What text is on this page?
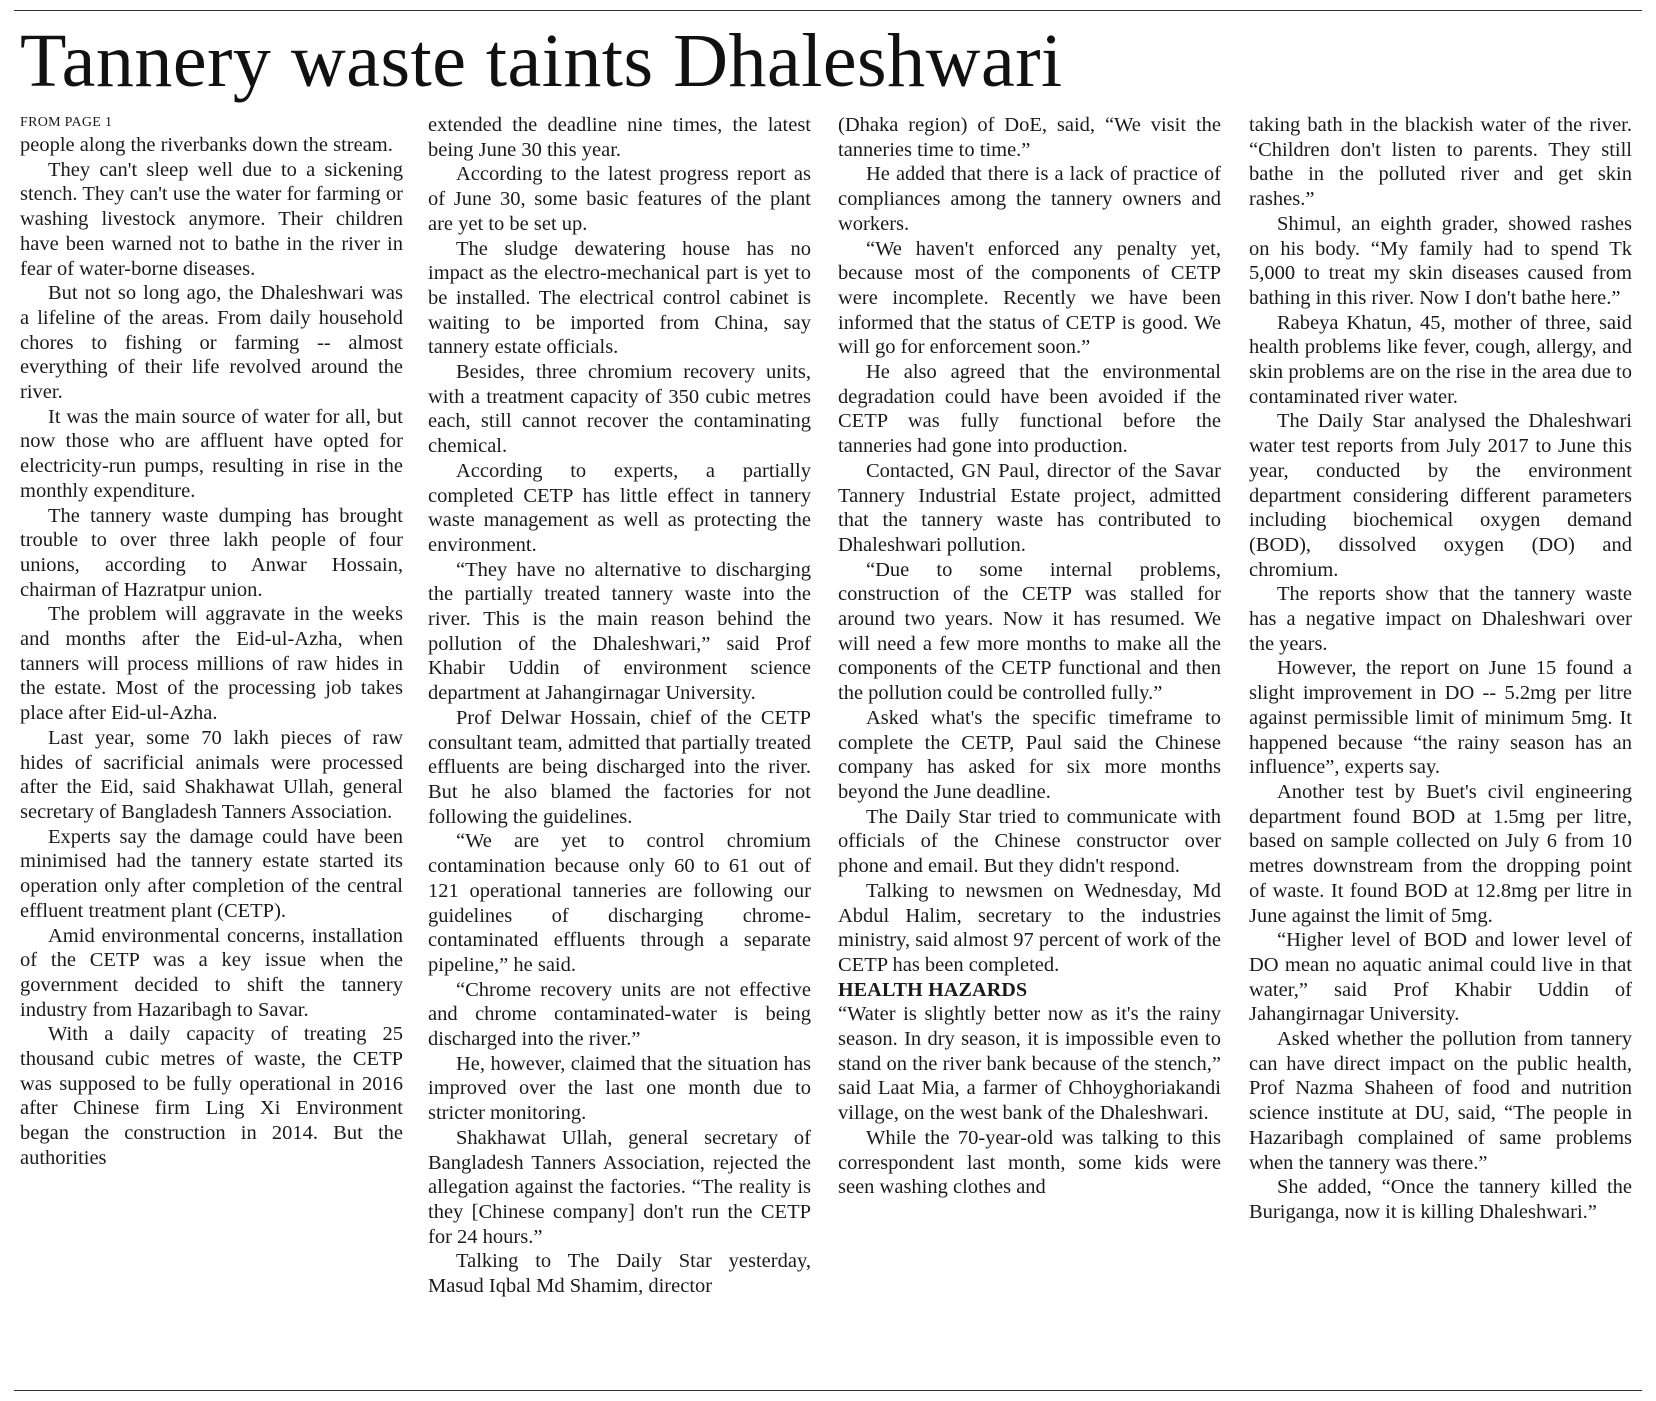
Tannery waste taints Dhaleshwari

FROM PAGE 1

people along the riverbanks down the stream.

They can't sleep well due to a sickening stench. They can't use the water for farming or washing livestock anymore. Their children have been warned not to bathe in the river in fear of water-borne diseases.

But not so long ago, the Dhaleshwari was a lifeline of the areas. From daily household chores to fishing or farming -- almost everything of their life revolved around the river.

It was the main source of water for all, but now those who are affluent have opted for electricity-run pumps, resulting in rise in the monthly expenditure.

The tannery waste dumping has brought trouble to over three lakh people of four unions, according to Anwar Hossain, chairman of Hazratpur union.

The problem will aggravate in the weeks and months after the Eid-ul-Azha, when tanners will process millions of raw hides in the estate. Most of the processing job takes place after Eid-ul-Azha.

Last year, some 70 lakh pieces of raw hides of sacrificial animals were processed after the Eid, said Shakhawat Ullah, general secretary of Bangladesh Tanners Association.

Experts say the damage could have been minimised had the tannery estate started its operation only after completion of the central effluent treatment plant (CETP).

Amid environmental concerns, installation of the CETP was a key issue when the government decided to shift the tannery industry from Hazaribagh to Savar.

With a daily capacity of treating 25 thousand cubic metres of waste, the CETP was supposed to be fully operational in 2016 after Chinese firm Ling Xi Environment began the construction in 2014. But the authorities

extended the deadline nine times, the latest being June 30 this year.

According to the latest progress report as of June 30, some basic features of the plant are yet to be set up.

The sludge dewatering house has no impact as the electro-mechanical part is yet to be installed. The electrical control cabinet is waiting to be imported from China, say tannery estate officials.

Besides, three chromium recovery units, with a treatment capacity of 350 cubic metres each, still cannot recover the contaminating chemical.

According to experts, a partially completed CETP has little effect in tannery waste management as well as protecting the environment.

“They have no alternative to discharging the partially treated tannery waste into the river. This is the main reason behind the pollution of the Dhaleshwari,” said Prof Khabir Uddin of environment science department at Jahangirnagar University.

Prof Delwar Hossain, chief of the CETP consultant team, admitted that partially treated effluents are being discharged into the river. But he also blamed the factories for not following the guidelines.

“We are yet to control chromium contamination because only 60 to 61 out of 121 operational tanneries are following our guidelines of discharging chrome-contaminated effluents through a separate pipeline,” he said.

“Chrome recovery units are not effective and chrome contaminated-water is being discharged into the river.”

He, however, claimed that the situation has improved over the last one month due to stricter monitoring.

Shakhawat Ullah, general secretary of Bangladesh Tanners Association, rejected the allegation against the factories. “The reality is they [Chinese company] don't run the CETP for 24 hours.”

Talking to The Daily Star yesterday, Masud Iqbal Md Shamim, director

(Dhaka region) of DoE, said, “We visit the tanneries time to time.”

He added that there is a lack of practice of compliances among the tannery owners and workers.

“We haven't enforced any penalty yet, because most of the components of CETP were incomplete. Recently we have been informed that the status of CETP is good. We will go for enforcement soon.”

He also agreed that the environmental degradation could have been avoided if the CETP was fully functional before the tanneries had gone into production.

Contacted, GN Paul, director of the Savar Tannery Industrial Estate project, admitted that the tannery waste has contributed to Dhaleshwari pollution.

“Due to some internal problems, construction of the CETP was stalled for around two years. Now it has resumed. We will need a few more months to make all the components of the CETP functional and then the pollution could be controlled fully.”

Asked what's the specific timeframe to complete the CETP, Paul said the Chinese company has asked for six more months beyond the June deadline.

The Daily Star tried to communicate with officials of the Chinese constructor over phone and email. But they didn't respond.

Talking to newsmen on Wednesday, Md Abdul Halim, secretary to the industries ministry, said almost 97 percent of work of the CETP has been completed.

HEALTH HAZARDS

“Water is slightly better now as it's the rainy season. In dry season, it is impossible even to stand on the river bank because of the stench,” said Laat Mia, a farmer of Chhoyghoriakandi village, on the west bank of the Dhaleshwari.

While the 70-year-old was talking to this correspondent last month, some kids were seen washing clothes and

taking bath in the blackish water of the river. “Children don't listen to parents. They still bathe in the polluted river and get skin rashes.”

Shimul, an eighth grader, showed rashes on his body. “My family had to spend Tk 5,000 to treat my skin diseases caused from bathing in this river. Now I don't bathe here.”

Rabeya Khatun, 45, mother of three, said health problems like fever, cough, allergy, and skin problems are on the rise in the area due to contaminated river water.

The Daily Star analysed the Dhaleshwari water test reports from July 2017 to June this year, conducted by the environment department considering different parameters including biochemical oxygen demand (BOD), dissolved oxygen (DO) and chromium.

The reports show that the tannery waste has a negative impact on Dhaleshwari over the years.

However, the report on June 15 found a slight improvement in DO -- 5.2mg per litre against permissible limit of minimum 5mg. It happened because “the rainy season has an influence”, experts say.

Another test by Buet's civil engineering department found BOD at 1.5mg per litre, based on sample collected on July 6 from 10 metres downstream from the dropping point of waste. It found BOD at 12.8mg per litre in June against the limit of 5mg.

“Higher level of BOD and lower level of DO mean no aquatic animal could live in that water,” said Prof Khabir Uddin of Jahangirnagar University.

Asked whether the pollution from tannery can have direct impact on the public health, Prof Nazma Shaheen of food and nutrition science institute at DU, said, “The people in Hazaribagh complained of same problems when the tannery was there.”

She added, “Once the tannery killed the Buriganga, now it is killing Dhaleshwari.”
